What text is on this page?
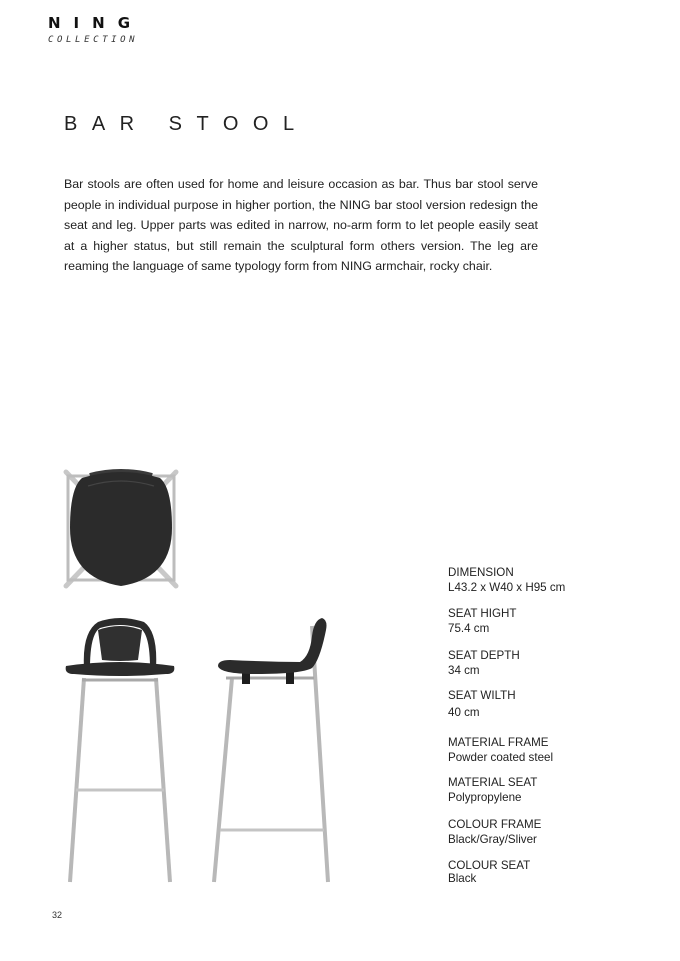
NING
COLLECTION
BAR STOOL

Bar stools are often used for home and leisure occasion as bar. Thus bar stool serve people in individual purpose in higher portion, the NING bar stool version redesign the seat and leg. Upper parts was edited in narrow, no-arm form to let people easily seat at a higher status, but still remain the sculptural form others version. The leg are reaming the language of same typology form from NING armchair, rocky chair.

DIMENSION
L43.2 x W40 x H95 cm
SEAT HIGHT
75.4 cm
SEAT DEPTH
34 cm
SEAT WILTH
40 cm
MATERIAL FRAME
Powder coated steel
MATERIAL SEAT
Polypropylene
COLOUR FRAME
Black/Gray/Sliver
COLOUR SEAT
Black
32
